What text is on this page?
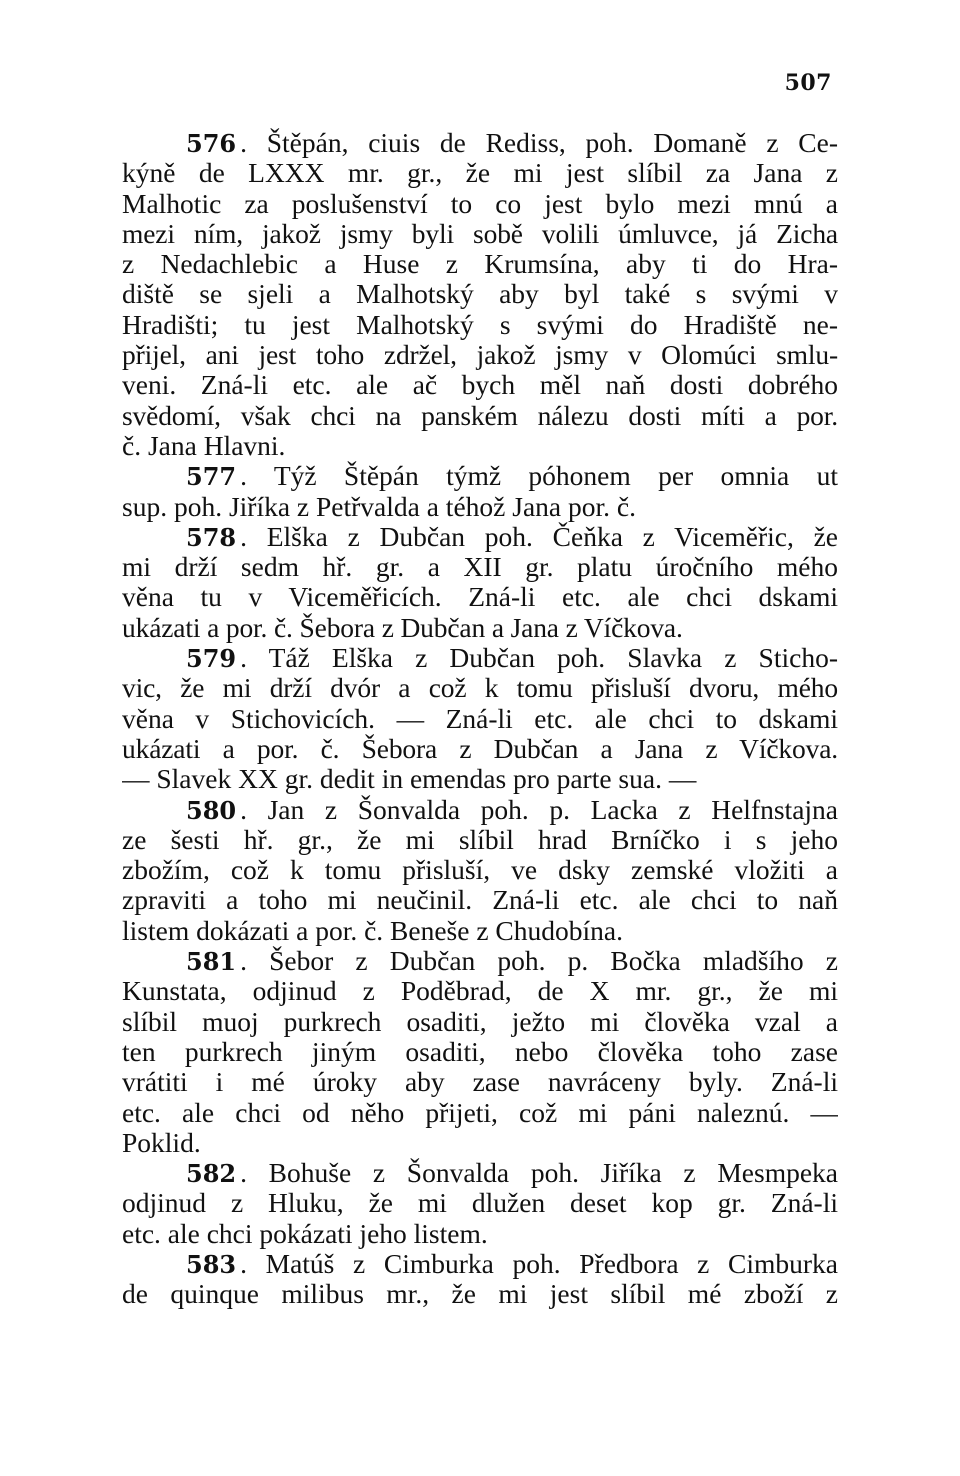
507
576 . Štěpán, ciuis de Rediss, poh. Domaně z Ce-
kýně de LXXX mr. gr., že mi jest slíbil za Jana z
Malhotic za poslušenství to co jest bylo mezi mnú a
mezi ním, jakož jsmy byli sobě volili úmluvce, já Zicha
z Nedachlebic a Huse z Krumsína, aby ti do Hra-
diště se sjeli a Malhotský aby byl také s svými v
Hradišti; tu jest Malhotský s svými do Hradiště ne-
přijel, ani jest toho zdržel, jakož jsmy v Olomúci smlu-
veni. Zná-li etc. ale ač bych měl naň dosti dobrého
svědomí, však chci na panském nálezu dosti míti a por.
č. Jana Hlavni.
577 . Týž Štěpán týmž póhonem per omnia ut
sup. poh. Jiříka z Petřvalda a téhož Jana por. č.
578 . Elška z Dubčan poh. Čeňka z Viceměřic, že
mi drží sedm hř. gr. a XII gr. platu úročního mého
věna tu v Viceměřicích. Zná-li etc. ale chci dskami
ukázati a por. č. Šebora z Dubčan a Jana z Víčkova.
579 . Táž Elška z Dubčan poh. Slavka z Sticho-
vic, že mi drží dvór a což k tomu přisluší dvoru, mého
věna v Stichovicích. — Zná-li etc. ale chci to dskami
ukázati a por. č. Šebora z Dubčan a Jana z Víčkova.
— Slavek XX gr. dedit in emendas pro parte sua. —
580 . Jan z Šonvalda poh. p. Lacka z Helfnstajna
ze šesti hř. gr., že mi slíbil hrad Brníčko i s jeho
zbožím, což k tomu přisluší, ve dsky zemské vložiti a
zpraviti a toho mi neučinil. Zná-li etc. ale chci to naň
listem dokázati a por. č. Beneše z Chudobína.
581 . Šebor z Dubčan poh. p. Bočka mladšího z
Kunstata, odjinud z Poděbrad, de X mr. gr., že mi
slíbil muoj purkrech osaditi, ježto mi člověka vzal a
ten purkrech jiným osaditi, nebo člověka toho zase
vrátiti i mé úroky aby zase navráceny byly. Zná-li
etc. ale chci od něho přijeti, což mi páni naleznú. —
Poklid.
582 . Bohuše z Šonvalda poh. Jiříka z Mesmpeka
odjinud z Hluku, že mi dlužen deset kop gr. Zná-li
etc. ale chci pokázati jeho listem.
583 . Matúš z Cimburka poh. Předbora z Cimburka
de quinque milibus mr., že mi jest slíbil mé zboží z
